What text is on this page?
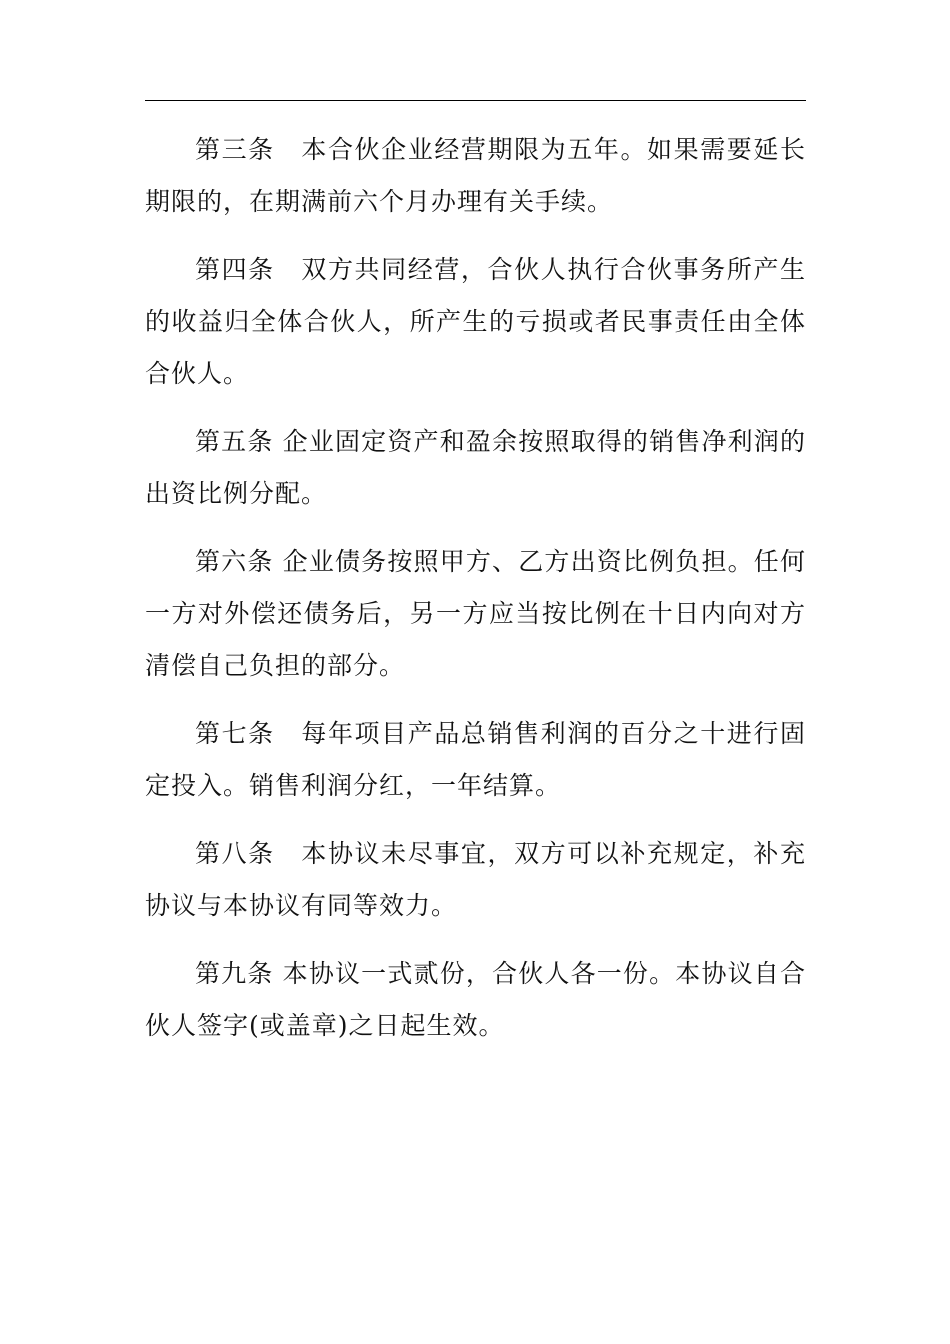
第三条　 本合伙企业经营期限为五年。如果需要延长期限的，在期满前六个月办理有关手续。

第四条　 双方共同经营，合伙人执行合伙事务所产生的收益归全体合伙人，所产生的亏损或者民事责任由全体合伙人。

第五条 企业固定资产和盈余按照取得的销售净利润的出资比例分配。

第六条 企业债务按照甲方、乙方出资比例负担。任何一方对外偿还债务后，另一方应当按比例在十日内向对方清偿自己负担的部分。

第七条　 每年项目产品总销售利润的百分之十进行固定投入。销售利润分红，一年结算。

第八条　 本协议未尽事宜，双方可以补充规定，补充协议与本协议有同等效力。

第九条 本协议一式贰份，合伙人各一份。本协议自合伙人签字(或盖章)之日起生效。
